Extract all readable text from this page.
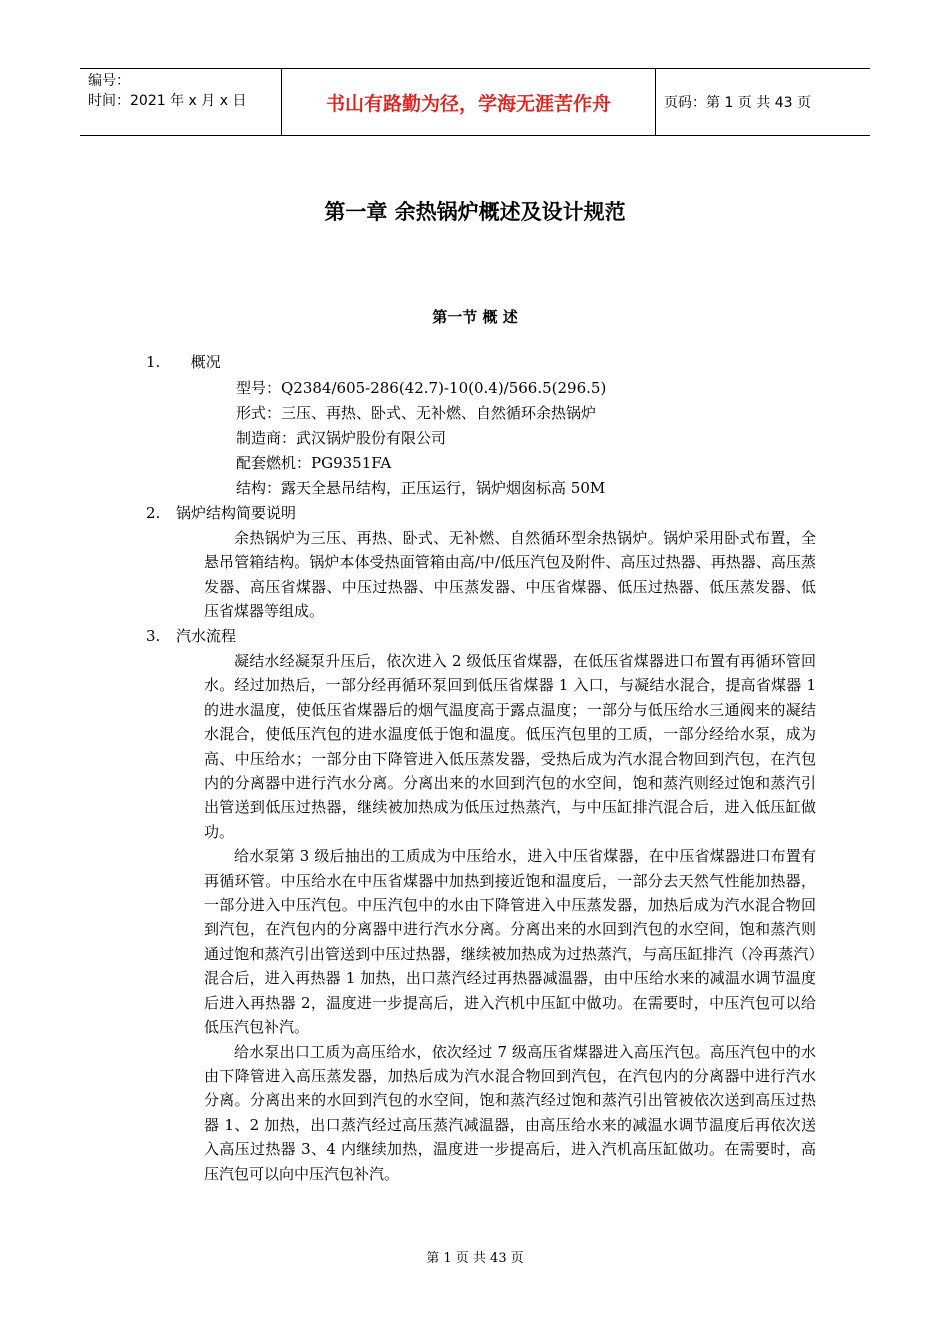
编号：
时间：2021 年 x 月 x 日	书山有路勤为径，学海无涯苦作舟	页码：第 1 页 共 43 页
第一章 余热锅炉概述及设计规范
第一节 概 述
1. 概况
型号：Q2384/605-286(42.7)-10(0.4)/566.5(296.5)
形式：三压、再热、卧式、无补燃、自然循环余热锅炉
制造商：武汉锅炉股份有限公司
配套燃机：PG9351FA
结构：露天全悬吊结构，正压运行，锅炉烟囱标高 50M
2. 锅炉结构简要说明

余热锅炉为三压、再热、卧式、无补燃、自然循环型余热锅炉。锅炉采用卧式布置，全悬吊管箱结构。锅炉本体受热面管箱由高/中/低压汽包及附件、高压过热器、再热器、高压蒸发器、高压省煤器、中压过热器、中压蒸发器、中压省煤器、低压过热器、低压蒸发器、低压省煤器等组成。

3. 汽水流程

凝结水经凝泵升压后，依次进入 2 级低压省煤器，在低压省煤器进口布置有再循环管回水。经过加热后，一部分经再循环泵回到低压省煤器 1 入口，与凝结水混合，提高省煤器 1 的进水温度，使低压省煤器后的烟气温度高于露点温度；一部分与低压给水三通阀来的凝结水混合，使低压汽包的进水温度低于饱和温度。低压汽包里的工质，一部分经给水泵，成为高、中压给水；一部分由下降管进入低压蒸发器，受热后成为汽水混合物回到汽包，在汽包内的分离器中进行汽水分离。分离出来的水回到汽包的水空间，饱和蒸汽则经过饱和蒸汽引出管送到低压过热器，继续被加热成为低压过热蒸汽，与中压缸排汽混合后，进入低压缸做功。

给水泵第 3 级后抽出的工质成为中压给水，进入中压省煤器，在中压省煤器进口布置有再循环管。中压给水在中压省煤器中加热到接近饱和温度后，一部分去天然气性能加热器，一部分进入中压汽包。中压汽包中的水由下降管进入中压蒸发器，加热后成为汽水混合物回到汽包，在汽包内的分离器中进行汽水分离。分离出来的水回到汽包的水空间，饱和蒸汽则通过饱和蒸汽引出管送到中压过热器，继续被加热成为过热蒸汽，与高压缸排汽（冷再蒸汽）混合后，进入再热器 1 加热，出口蒸汽经过再热器减温器，由中压给水来的减温水调节温度后进入再热器 2，温度进一步提高后，进入汽机中压缸中做功。在需要时，中压汽包可以给低压汽包补汽。

给水泵出口工质为高压给水，依次经过 7 级高压省煤器进入高压汽包。高压汽包中的水由下降管进入高压蒸发器，加热后成为汽水混合物回到汽包，在汽包内的分离器中进行汽水分离。分离出来的水回到汽包的水空间，饱和蒸汽经过饱和蒸汽引出管被依次送到高压过热器 1、2 加热，出口蒸汽经过高压蒸汽减温器，由高压给水来的减温水调节温度后再依次送入高压过热器 3、4 内继续加热，温度进一步提高后，进入汽机高压缸做功。在需要时，高压汽包可以向中压汽包补汽。

第 1 页 共 43 页
